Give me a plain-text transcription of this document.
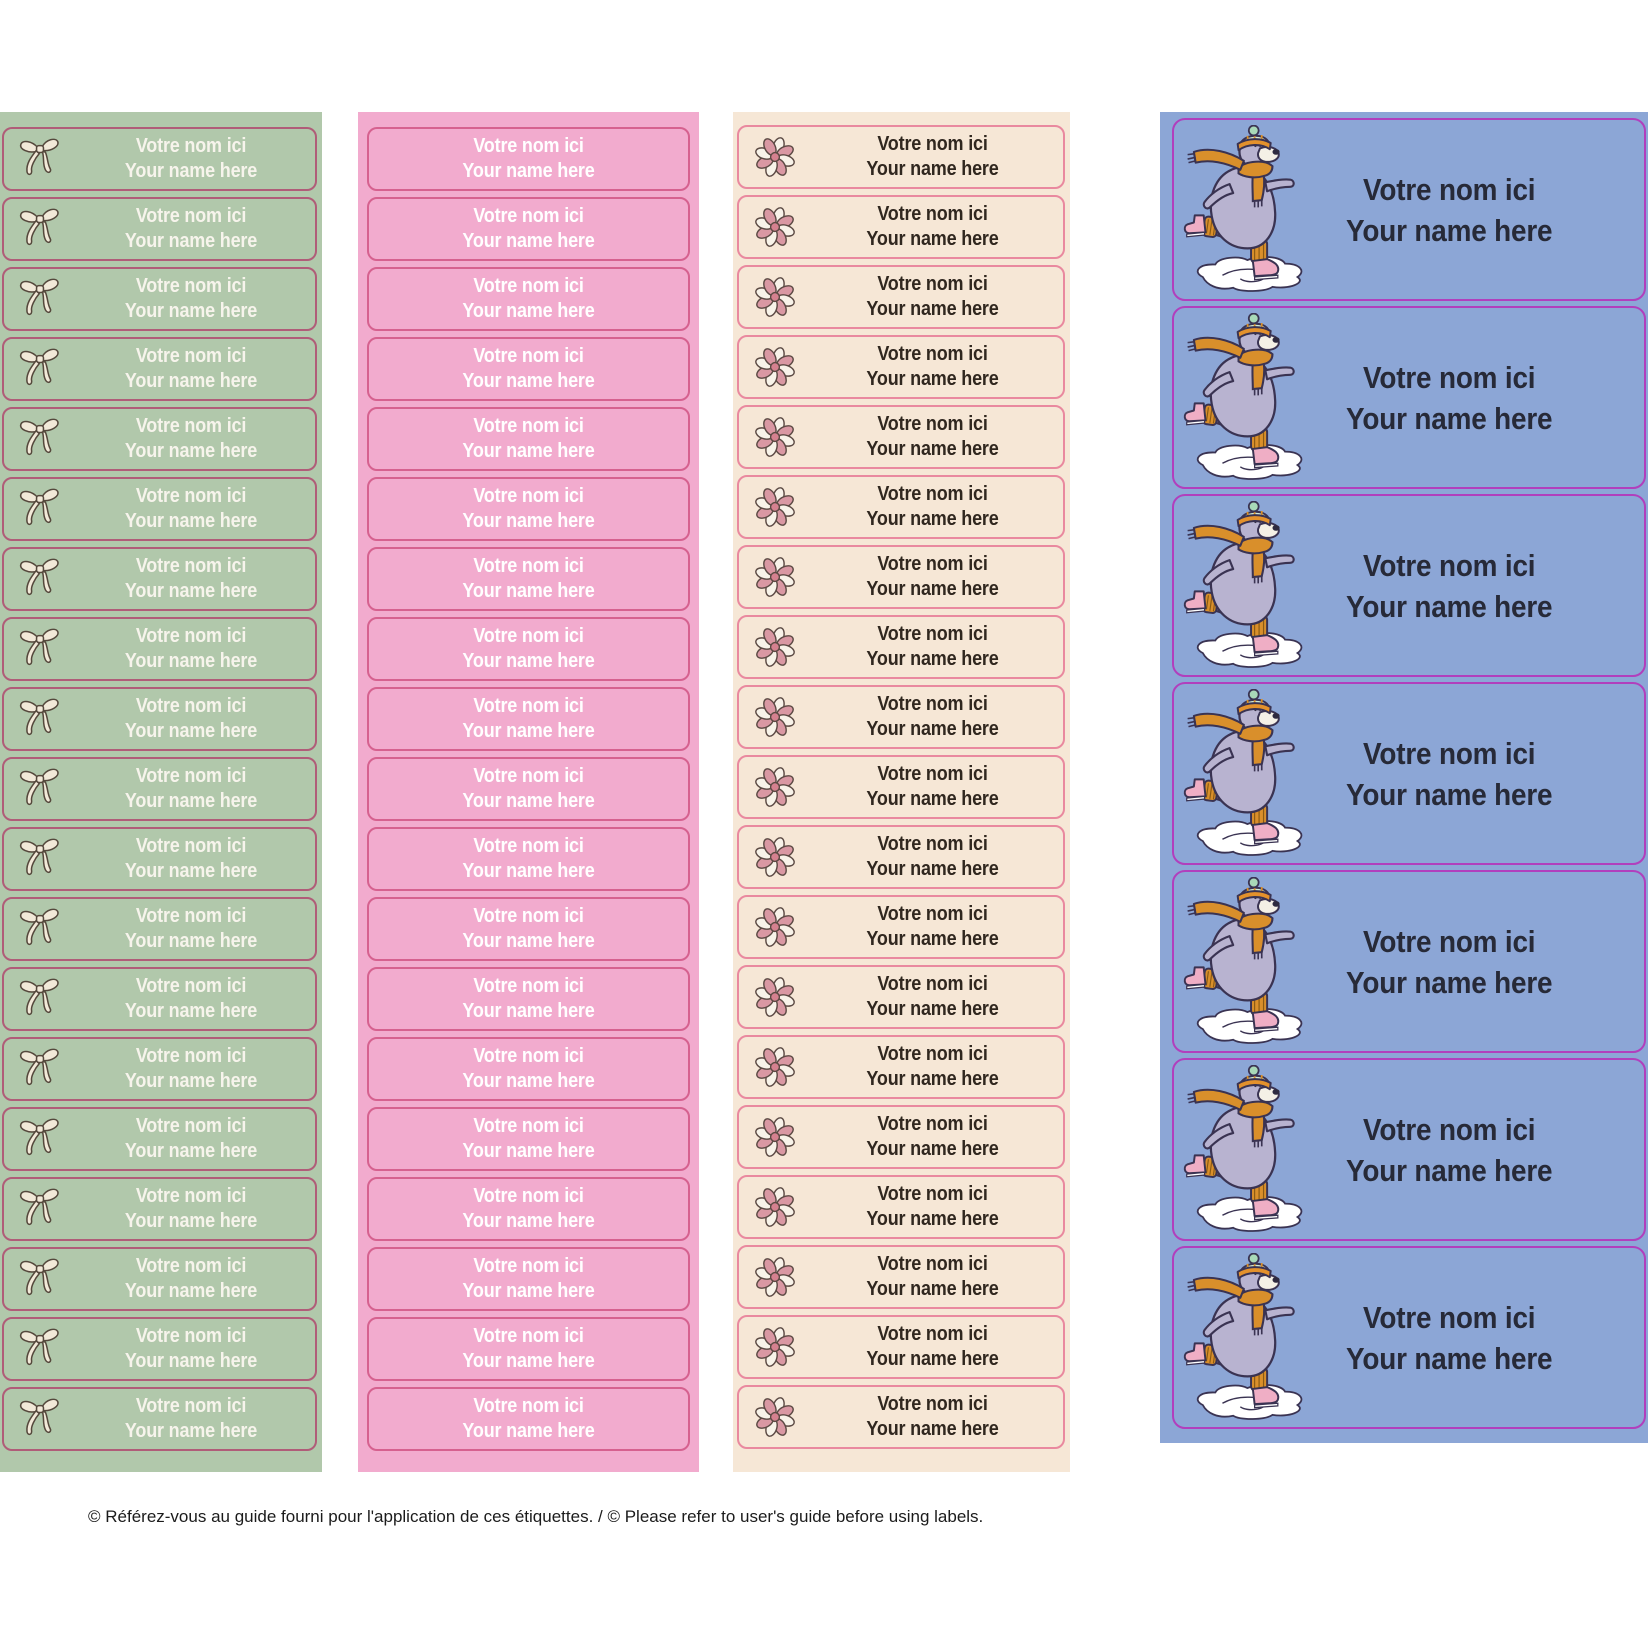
Votre nom ici
Your name here
Votre nom ici
Your name here
Votre nom ici
Your name here
Votre nom ici
Your name here
Votre nom ici
Your name here
Votre nom ici
Your name here
Votre nom ici
Your name here
Votre nom ici
Your name here
Votre nom ici
Your name here
Votre nom ici
Your name here
Votre nom ici
Your name here
Votre nom ici
Your name here
Votre nom ici
Your name here
Votre nom ici
Your name here
Votre nom ici
Your name here
Votre nom ici
Your name here
Votre nom ici
Your name here
Votre nom ici
Your name here
Votre nom ici
Your name here
Votre nom ici
Your name here
Votre nom ici
Your name here
Votre nom ici
Your name here
Votre nom ici
Your name here
Votre nom ici
Your name here
Votre nom ici
Your name here
Votre nom ici
Your name here
Votre nom ici
Your name here
Votre nom ici
Your name here
Votre nom ici
Your name here
Votre nom ici
Your name here
Votre nom ici
Your name here
Votre nom ici
Your name here
Votre nom ici
Your name here
Votre nom ici
Your name here
Votre nom ici
Your name here
Votre nom ici
Your name here
Votre nom ici
Your name here
Votre nom ici
Your name here
Votre nom ici
Your name here
Votre nom ici
Your name here
Votre nom ici
Your name here
Votre nom ici
Your name here
Votre nom ici
Your name here
Votre nom ici
Your name here
Votre nom ici
Your name here
Votre nom ici
Your name here
Votre nom ici
Your name here
Votre nom ici
Your name here
Votre nom ici
Your name here
Votre nom ici
Your name here
Votre nom ici
Your name here
Votre nom ici
Your name here
Votre nom ici
Your name here
Votre nom ici
Your name here
Votre nom ici
Your name here
Votre nom ici
Your name here
Votre nom ici
Your name here
Votre nom ici
Your name here
Votre nom ici
Your name here
Votre nom ici
Your name here
Votre nom ici
Your name here
Votre nom ici
Your name here
Votre nom ici
Your name here
Votre nom ici
Your name here

© Référez-vous au guide fourni pour l'application de ces étiquettes. / © Please refer to user's guide before using labels.
